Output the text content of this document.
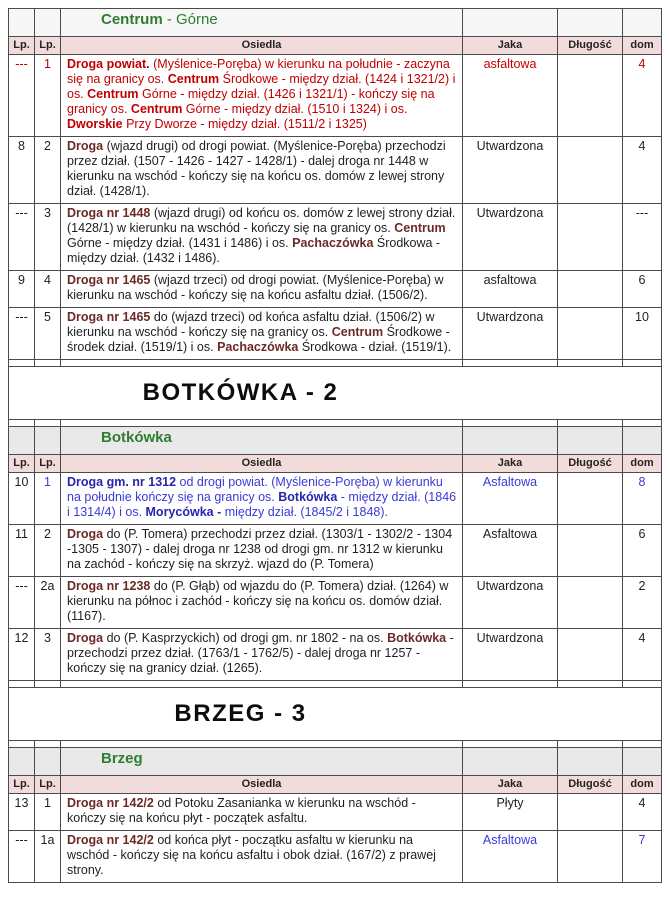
		Centrum - Górne			
Lp.	Lp.	Osiedla	Jaka	Długość	dom
---	1	Droga powiat. (Myślenice-Poręba) w kierunku na południe - zaczyna się na granicy os. Centrum Środkowe - między dział. (1424 i 1321/2) i os. Centrum Górne - między dział. (1426 i 1321/1) - kończy się na granicy os. Centrum Górne - między dział. (1510 i 1324) i os. Dworskie Przy Dworze - między dział. (1511/2 i 1325)	asfaltowa		4
8	2	Droga (wjazd drugi) od drogi powiat. (Myślenice-Poręba) przechodzi przez dział. (1507 - 1426 - 1427 - 1428/1) - dalej droga nr 1448 w kierunku na wschód - kończy się na końcu os. domów z lewej strony dział. (1428/1).	Utwardzona		4
---	3	Droga nr 1448 (wjazd drugi) od końcu os. domów z lewej strony dział. (1428/1) w kierunku na wschód - kończy się na granicy os. Centrum Górne - między dział. (1431 i 1486) i os. Pachaczówka Środkowa - między dział. (1432 i 1486).	Utwardzona		---
9	4	Droga nr 1465 (wjazd trzeci) od drogi powiat. (Myślenice-Poręba) w kierunku na wschód - kończy się na końcu asfaltu dział. (1506/2).	asfaltowa		6
---	5	Droga nr 1465 do (wjazd trzeci) od końca asfaltu dział. (1506/2) w kierunku na wschód - kończy się na granicy os. Centrum Środkowe - środek dział. (1519/1) i os. Pachaczówka Środkowa - dział. (1519/1).	Utwardzona		10

BOTKÓWKA - 2					

		Botkówka			
Lp.	Lp.	Osiedla	Jaka	Długość	dom
10	1	Droga gm. nr 1312 od drogi powiat. (Myślenice-Poręba) w kierunku na południe kończy się na granicy os. Botkówka - między dział. (1846 i 1314/4) i os. Morycówka - między dział. (1845/2 i 1848).	Asfaltowa		8
11	2	Droga do (P. Tomera) przechodzi przez dział. (1303/1 - 1302/2 - 1304 -1305 - 1307) - dalej droga nr 1238 od drogi gm. nr 1312 w kierunku na zachód - kończy się na skrzyż. wjazd do (P. Tomera)	Asfaltowa		6
---	2a	Droga nr 1238 do (P. Głąb) od wjazdu do (P. Tomera) dział. (1264) w kierunku na północ i zachód - kończy się na końcu os. domów dział. (1167).	Utwardzona		2
12	3	Droga do (P. Kasprzyckich) od drogi gm. nr 1802 - na os. Botkówka - przechodzi przez dział. (1763/1 - 1762/5) - dalej droga nr 1257 - kończy się na granicy dział. (1265).	Utwardzona		4

BRZEG - 3					

		Brzeg			
Lp.	Lp.	Osiedla	Jaka	Długość	dom
13	1	Droga nr 142/2 od Potoku Zasanianka w kierunku na wschód - kończy się na końcu płyt - początek asfaltu.	Płyty		4
---	1a	Droga nr 142/2 od końca płyt - początku asfaltu w kierunku na wschód - kończy się na końcu asfaltu i obok dział. (167/2) z prawej strony.	Asfaltowa		7
